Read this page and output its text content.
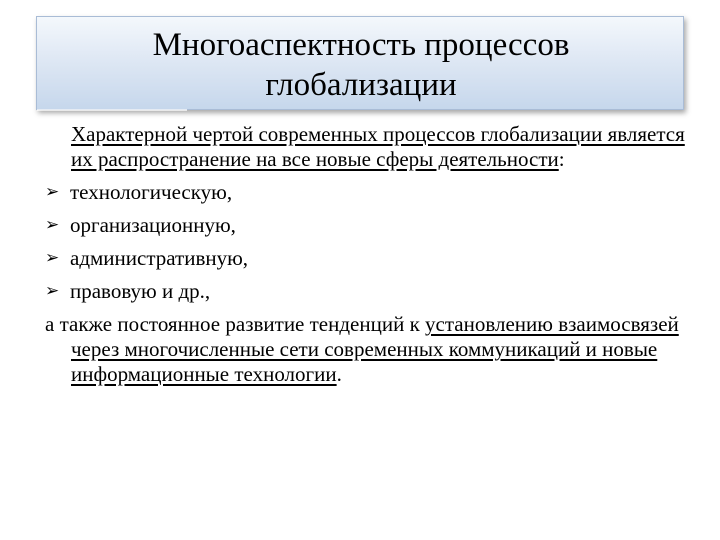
Многоаспектность процессов
глобализации

Характерной чертой современных процессов глобализации является их распространение на все новые сферы деятельности:

➢ технологическую,
➢ организационную,
➢ административную,
➢ правовую и др.,

а также постоянное развитие тенденций к установлению взаимосвязей через многочисленные сети современных коммуникаций и новые информационные технологии.
